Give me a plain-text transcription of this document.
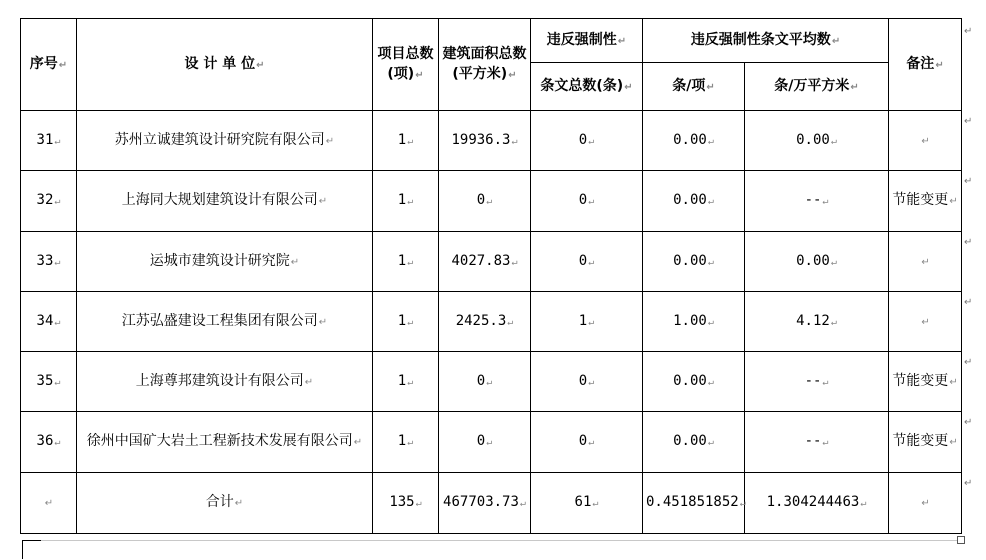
序号↵	设 计 单 位↵	项目总数(项)↵	建筑面积总数(平方米)↵	违反强制性↵	违反强制性条文平均数↵		备注↵
				条文总数(条)↵	条/项↵	条/万平方米↵	
31↵	苏州立诚建筑设计研究院有限公司↵	1↵	19936.3↵	0↵	0.00↵	0.00↵	↵
32↵	上海同大规划建筑设计有限公司↵	1↵	0↵	0↵	0.00↵	--↵	节能变更↵
33↵	运城市建筑设计研究院↵	1↵	4027.83↵	0↵	0.00↵	0.00↵	↵
34↵	江苏弘盛建设工程集团有限公司↵	1↵	2425.3↵	1↵	1.00↵	4.12↵	↵
35↵	上海尊邦建筑设计有限公司↵	1↵	0↵	0↵	0.00↵	--↵	节能变更↵
36↵	徐州中国矿大岩土工程新技术发展有限公司↵	1↵	0↵	0↵	0.00↵	--↵	节能变更↵
↵	合计↵	135↵	467703.73↵	61↵	0.451851852↵	1.304244463↵	↵
↵
↵
↵
↵
↵
↵
↵
↵
